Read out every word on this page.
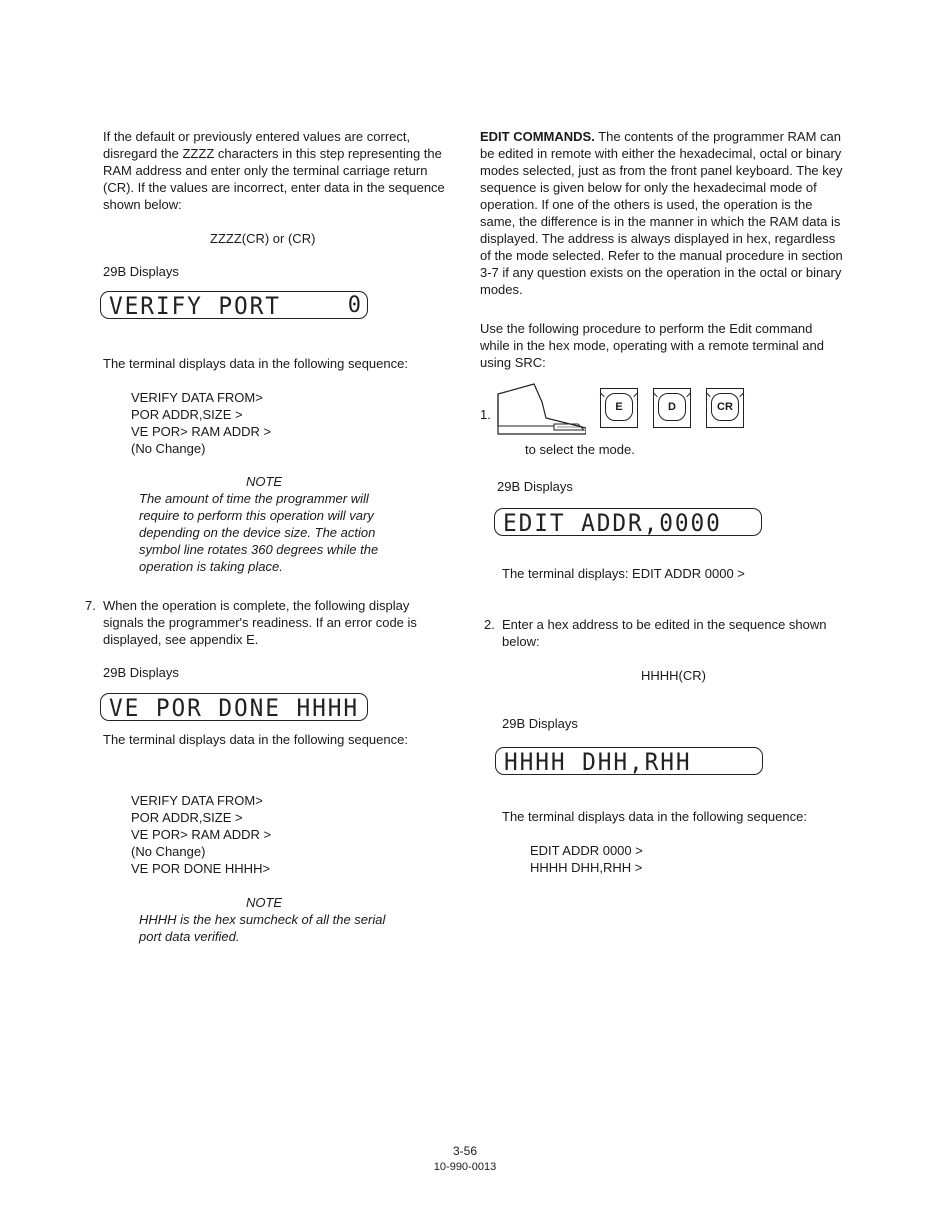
If the default or previously entered values are correct, disregard the ZZZZ characters in this step representing the RAM address and enter only the terminal carriage return (CR). If the values are incorrect, enter data in the sequence shown below:

ZZZZ(CR) or (CR)
29B Displays
VERIFY PORT	0
The terminal displays data in the following sequence:
VERIFY DATA FROM>
POR ADDR,SIZE >
VE POR> RAM ADDR >
(No Change)
NOTE

The amount of time the programmer will require to perform this operation will vary depending on the device size. The action symbol line rotates 360 degrees while the operation is taking place.

7. When the operation is complete, the following display signals the programmer's readiness. If an error code is displayed, see appendix E.

29B Displays
VE POR DONE HHHH
The terminal displays data in the following sequence:
VERIFY DATA FROM>
POR ADDR,SIZE >
VE POR> RAM ADDR >
(No Change)
VE POR DONE HHHH>
NOTE

HHHH is the hex sumcheck of all the serial port data verified.

EDIT COMMANDS. The contents of the programmer RAM can be edited in remote with either the hexadecimal, octal or binary modes selected, just as from the front panel keyboard. The key sequence is given below for only the hexadecimal mode of operation. If one of the others is used, the operation is the same, the difference is in the manner in which the RAM data is displayed. The address is always displayed in hex, regardless of the mode selected. Refer to the manual procedure in section 3-7 if any question exists on the operation in the octal or binary modes.

Use the following procedure to perform the Edit command while in the hex mode, operating with a remote terminal and using SRC:

1.
E	D	CR
to select the mode.
29B Displays
EDIT ADDR,0000
The terminal displays: EDIT ADDR 0000 >
2. Enter a hex address to be edited in the sequence shown below:

HHHH(CR)
29B Displays
HHHH DHH,RHH
The terminal displays data in the following sequence:
EDIT ADDR 0000 >
HHHH DHH,RHH >
3-56
10-990-0013
